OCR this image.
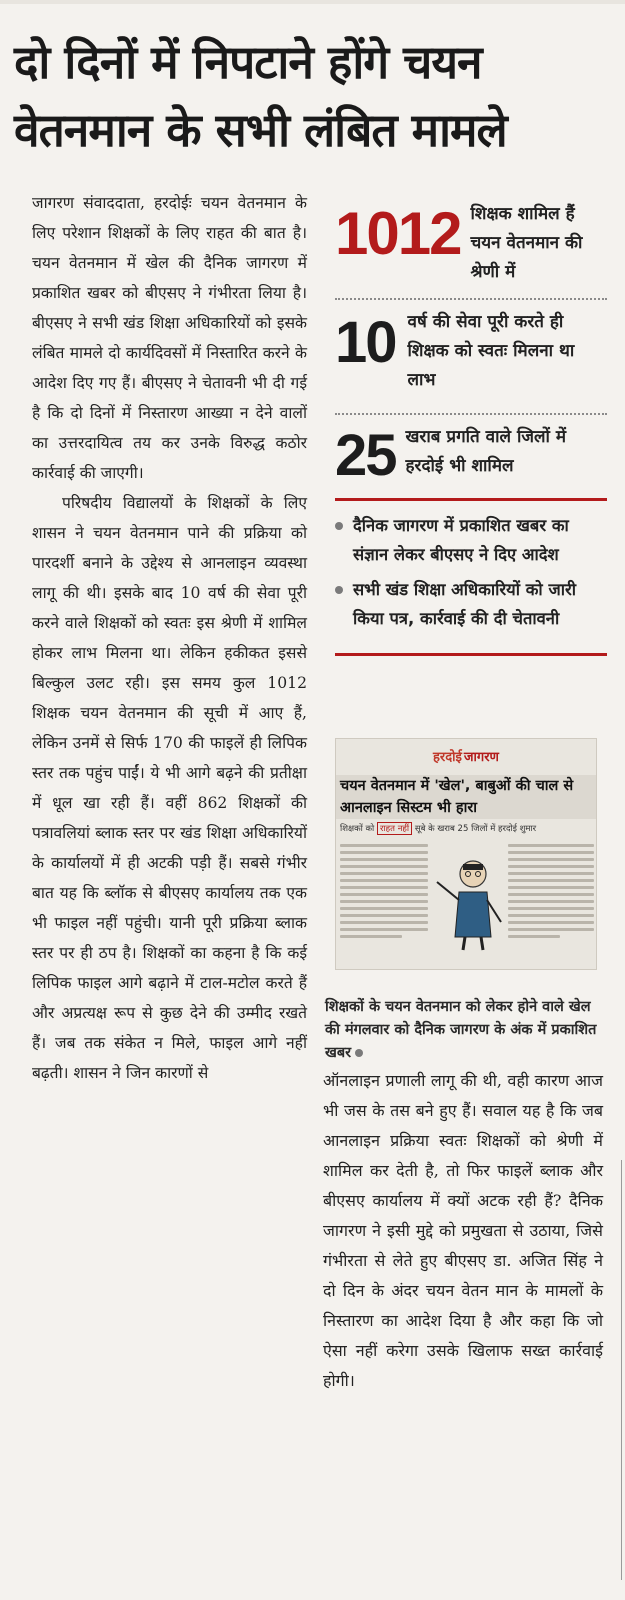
दो दिनों में निपटाने होंगे चयन
वेतनमान के सभी लंबित मामले

जागरण संवाददाता, हरदोईः चयन वेतनमान के लिए परेशान शिक्षकों के लिए राहत की बात है। चयन वेतनमान में खेल की दैनिक जागरण में प्रकाशित खबर को बीएसए ने गंभीरता लिया है। बीएसए ने सभी खंड शिक्षा अधिकारियों को इसके लंबित मामले दो कार्यदिवसों में निस्तारित करने के आदेश दिए गए हैं। बीएसए ने चेतावनी भी दी गई है कि दो दिनों में निस्तारण आख्या न देने वालों का उत्तरदायित्व तय कर उनके विरुद्ध कठोर कार्रवाई की जाएगी।

परिषदीय विद्यालयों के शिक्षकों के लिए शासन ने चयन वेतनमान पाने की प्रक्रिया को पारदर्शी बनाने के उद्देश्य से आनलाइन व्यवस्था लागू की थी। इसके बाद 10 वर्ष की सेवा पूरी करने वाले शिक्षकों को स्वतः इस श्रेणी में शामिल होकर लाभ मिलना था। लेकिन हकीकत इससे बिल्कुल उलट रही। इस समय कुल 1012 शिक्षक चयन वेतनमान की सूची में आए हैं, लेकिन उनमें से सिर्फ 170 की फाइलें ही लिपिक स्तर तक पहुंच पाईं। ये भी आगे बढ़ने की प्रतीक्षा में धूल खा रही हैं। वहीं 862 शिक्षकों की पत्रावलियां ब्लाक स्तर पर खंड शिक्षा अधिकारियों के कार्यालयों में ही अटकी पड़ी हैं। सबसे गंभीर बात यह कि ब्लॉक से बीएसए कार्यालय तक एक भी फाइल नहीं पहुंची। यानी पूरी प्रक्रिया ब्लाक स्तर पर ही ठप है। शिक्षकों का कहना है कि कई लिपिक फाइल आगे बढ़ाने में टाल-मटोल करते हैं और अप्रत्यक्ष रूप से कुछ देने की उम्मीद रखते हैं। जब तक संकेत न मिले, फाइल आगे नहीं बढ़ती। शासन ने जिन कारणों से

1012 शिक्षक शामिल हैं चयन वेतनमान की श्रेणी में
10 वर्ष की सेवा पूरी करते ही शिक्षक को स्वतः मिलना था लाभ
25 खराब प्रगति वाले जिलों में हरदोई भी शामिल
दैनिक जागरण में प्रकाशित खबर का संज्ञान लेकर बीएसए ने दिए आदेश
सभी खंड शिक्षा अधिकारियों को जारी किया पत्र, कार्रवाई की दी चेतावनी
हरदोई जागरण
चयन वेतनमान में 'खेल', बाबुओं की चाल से आनलाइन सिस्टम भी हारा
शिक्षकों को राहत नहीं सूबे के खराब 25 जिलों में हरदोई शुमार
शिक्षकों के चयन वेतनमान को लेकर होने वाले खेल की मंगलवार को दैनिक जागरण के अंक में प्रकाशित खबर
ऑनलाइन प्रणाली लागू की थी, वही कारण आज भी जस के तस बने हुए हैं। सवाल यह है कि जब आनलाइन प्रक्रिया स्वतः शिक्षकों को श्रेणी में शामिल कर देती है, तो फिर फाइलें ब्लाक और बीएसए कार्यालय में क्यों अटक रही हैं? दैनिक जागरण ने इसी मुद्दे को प्रमुखता से उठाया, जिसे गंभीरता से लेते हुए बीएसए डा. अजित सिंह ने दो दिन के अंदर चयन वेतन मान के मामलों के निस्तारण का आदेश दिया है और कहा कि जो ऐसा नहीं करेगा उसके खिलाफ सख्त कार्रवाई होगी।
